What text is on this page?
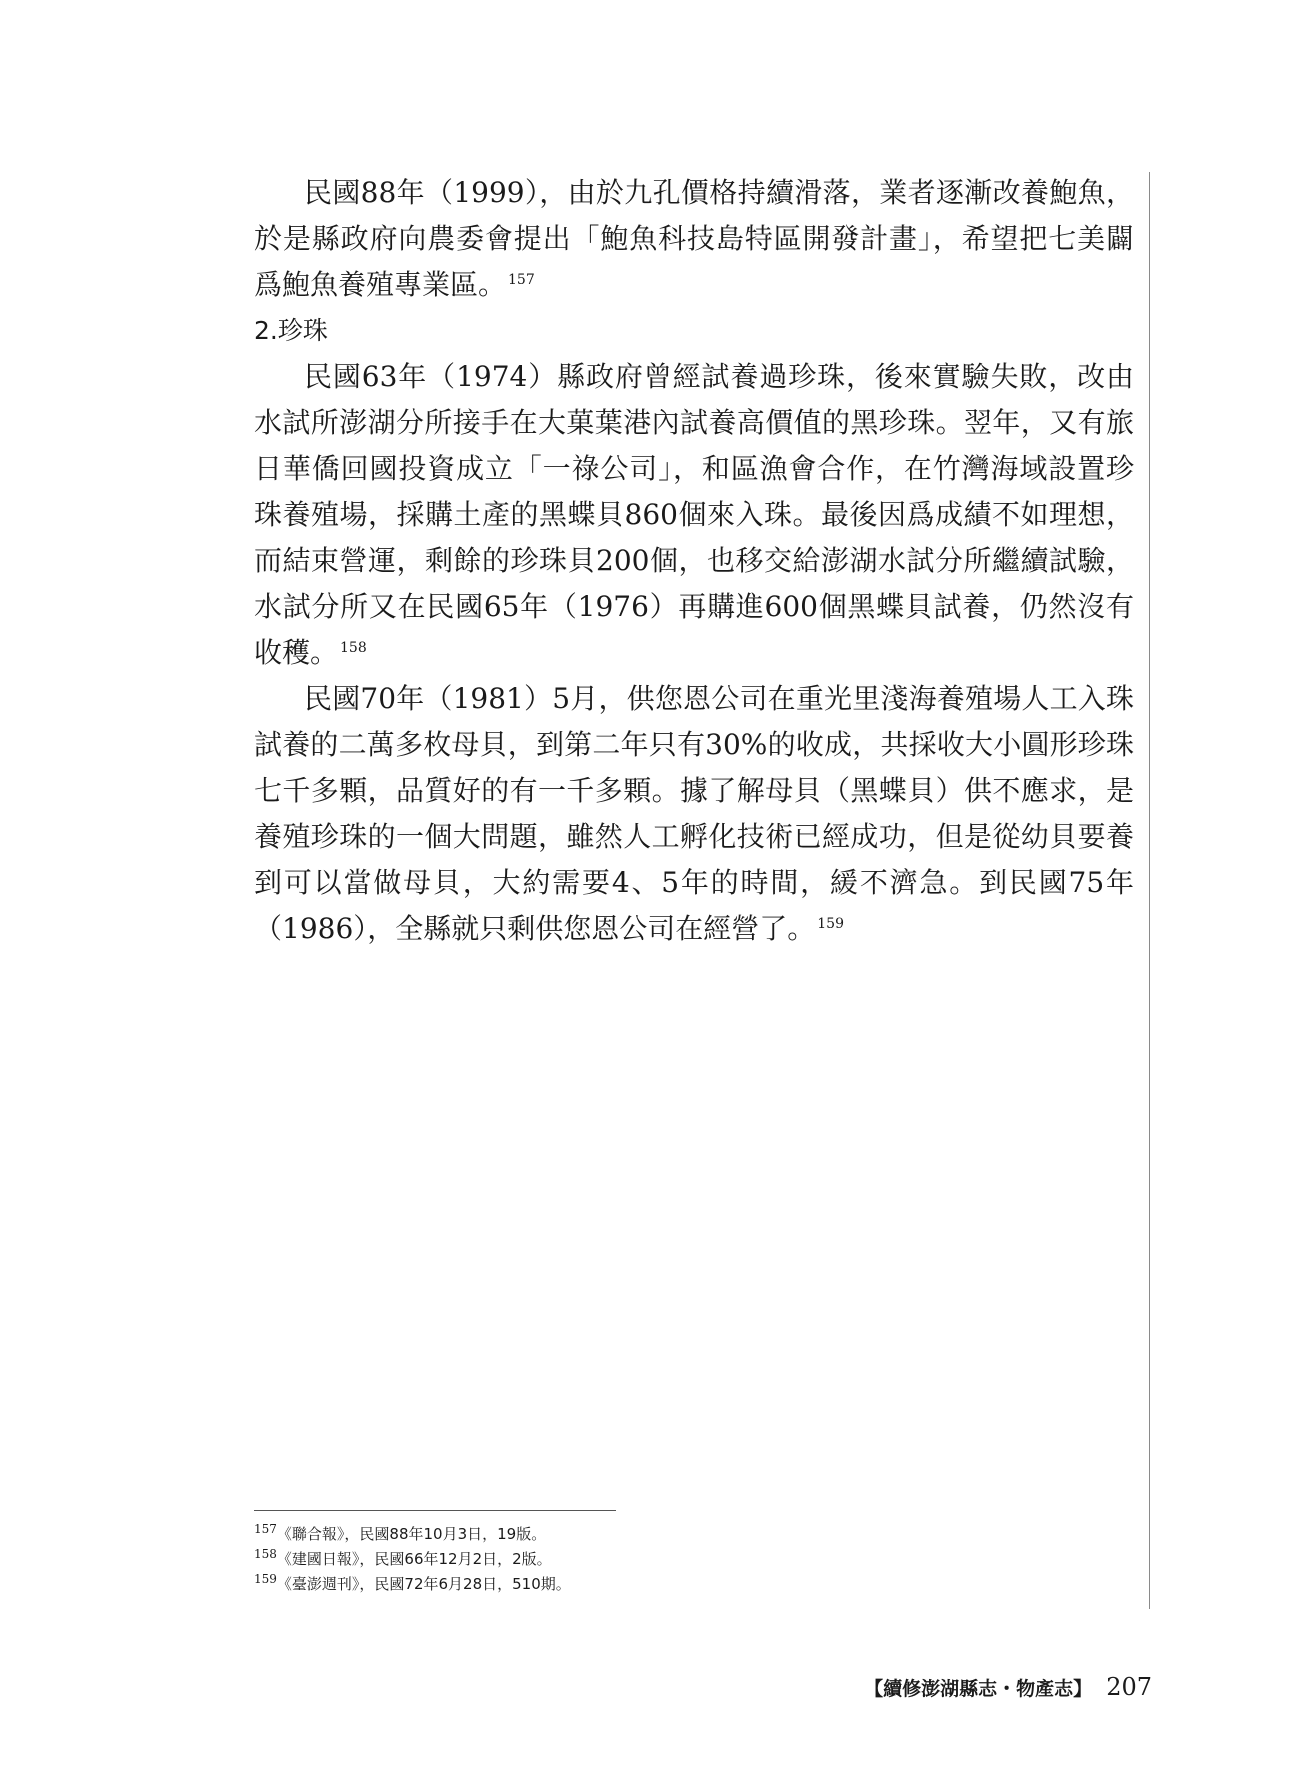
民國88年（1999），由於九孔價格持續滑落，業者逐漸改養鮑魚，於是縣政府向農委會提出「鮑魚科技島特區開發計畫」，希望把七美闢爲鮑魚養殖專業區。 $^{157}$

2.珍珠

民國63年（1974）縣政府曾經試養過珍珠，後來實驗失敗，改由水試所澎湖分所接手在大菓葉港內試養高價值的黑珍珠。翌年，又有旅日華僑回國投資成立「一祿公司」，和區漁會合作，在竹灣海域設置珍珠養殖場，採購土產的黑蝶貝860個來入珠。最後因爲成績不如理想，而結束營運，剩餘的珍珠貝200個，也移交給澎湖水試分所繼續試驗，水試分所又在民國65年（1976）再購進600個黑蝶貝試養，仍然沒有收穫。 $^{158}$

民國70年（1981）5月，供您恩公司在重光里淺海養殖場人工入珠試養的二萬多枚母貝，到第二年只有30%的收成，共採收大小圓形珍珠七千多顆，品質好的有一千多顆。據了解母貝（黑蝶貝）供不應求，是養殖珍珠的一個大問題，雖然人工孵化技術已經成功，但是從幼貝要養到可以當做母貝，大約需要4、5年的時間，緩不濟急。到民國75年（1986），全縣就只剩供您恩公司在經營了。 $^{159}$

$^{157}$《聯合報》，民國88年10月3日，19版。

$^{158}$《建國日報》，民國66年12月2日，2版。

$^{159}$《臺澎週刊》，民國72年6月28日，510期。

【續修澎湖縣志・物產志】 207
